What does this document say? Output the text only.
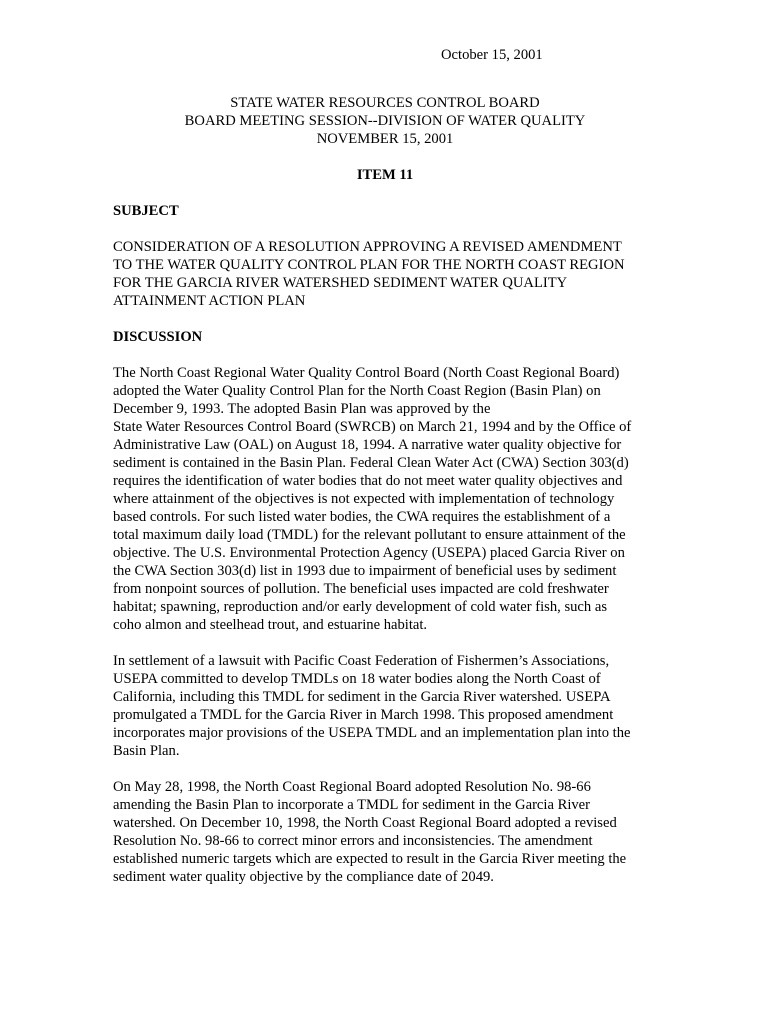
October 15, 2001
STATE WATER RESOURCES CONTROL BOARD
BOARD MEETING SESSION--DIVISION OF WATER QUALITY
NOVEMBER 15, 2001
ITEM 11
SUBJECT
CONSIDERATION OF A RESOLUTION APPROVING A REVISED AMENDMENT
TO THE WATER QUALITY CONTROL PLAN FOR THE NORTH COAST REGION
FOR THE GARCIA RIVER WATERSHED SEDIMENT WATER QUALITY
ATTAINMENT ACTION PLAN
DISCUSSION
The North Coast Regional Water Quality Control Board (North Coast Regional Board)
adopted the Water Quality Control Plan for the North Coast Region (Basin Plan) on
December 9, 1993. The adopted Basin Plan was approved by the
State Water Resources Control Board (SWRCB) on March 21, 1994 and by the Office of
Administrative Law (OAL) on August 18, 1994. A narrative water quality objective for
sediment is contained in the Basin Plan. Federal Clean Water Act (CWA) Section 303(d)
requires the identification of water bodies that do not meet water quality objectives and
where attainment of the objectives is not expected with implementation of technology
based controls. For such listed water bodies, the CWA requires the establishment of a
total maximum daily load (TMDL) for the relevant pollutant to ensure attainment of the
objective. The U.S. Environmental Protection Agency (USEPA) placed Garcia River on
the CWA Section 303(d) list in 1993 due to impairment of beneficial uses by sediment
from nonpoint sources of pollution. The beneficial uses impacted are cold freshwater
habitat; spawning, reproduction and/or early development of cold water fish, such as
coho almon and steelhead trout, and estuarine habitat.
In settlement of a lawsuit with Pacific Coast Federation of Fishermen’s Associations,
USEPA committed to develop TMDLs on 18 water bodies along the North Coast of
California, including this TMDL for sediment in the Garcia River watershed. USEPA
promulgated a TMDL for the Garcia River in March 1998. This proposed amendment
incorporates major provisions of the USEPA TMDL and an implementation plan into the
Basin Plan.
On May 28, 1998, the North Coast Regional Board adopted Resolution No. 98-66
amending the Basin Plan to incorporate a TMDL for sediment in the Garcia River
watershed. On December 10, 1998, the North Coast Regional Board adopted a revised
Resolution No. 98-66 to correct minor errors and inconsistencies. The amendment
established numeric targets which are expected to result in the Garcia River meeting the
sediment water quality objective by the compliance date of 2049.
